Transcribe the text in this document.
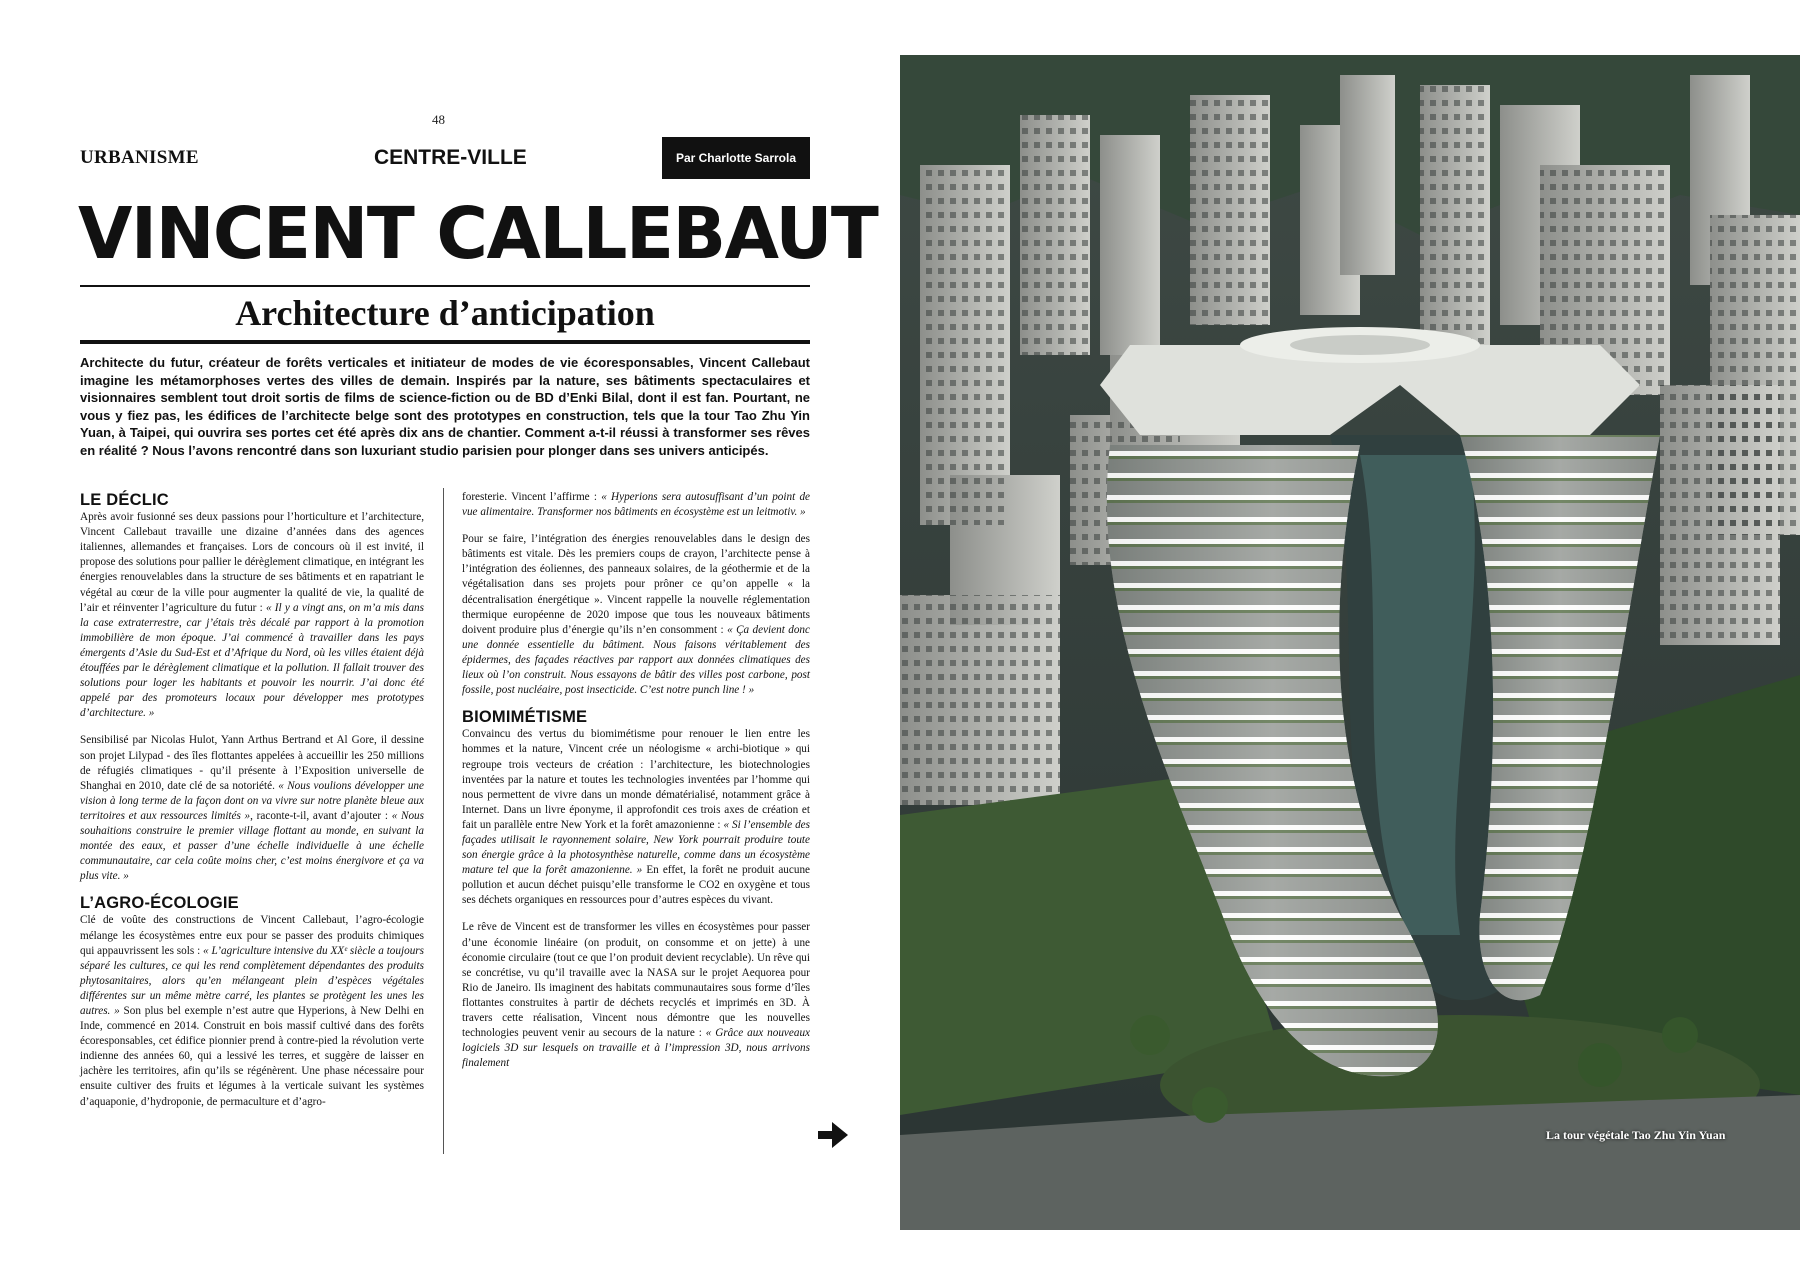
48
URBANISME	CENTRE-VILLE	Par Charlotte Sarrola
VINCENT CALLEBAUT
Architecture d’anticipation
Architecte du futur, créateur de forêts verticales et initiateur de modes de vie écoresponsables, Vincent Callebaut imagine les métamorphoses vertes des villes de demain. Inspirés par la nature, ses bâtiments spectaculaires et visionnaires semblent tout droit sortis de films de science-fiction ou de BD d’Enki Bilal, dont il est fan. Pourtant, ne vous y fiez pas, les édifices de l’architecte belge sont des prototypes en construction, tels que la tour Tao Zhu Yin Yuan, à Taipei, qui ouvrira ses portes cet été après dix ans de chantier. Comment a-t-il réussi à transformer ses rêves en réalité ? Nous l’avons rencontré dans son luxuriant studio parisien pour plonger dans ses univers anticipés.
LE DÉCLIC

Après avoir fusionné ses deux passions pour l’horticulture et l’architecture, Vincent Callebaut travaille une dizaine d’années dans des agences italiennes, allemandes et françaises. Lors de concours où il est invité, il propose des solutions pour pallier le dérèglement climatique, en intégrant les énergies renouvelables dans la structure de ses bâtiments et en rapatriant le végétal au cœur de la ville pour augmenter la qualité de vie, la qualité de l’air et réinventer l’agriculture du futur : « Il y a vingt ans, on m’a mis dans la case extraterrestre, car j’étais très décalé par rapport à la promotion immobilière de mon époque. J’ai commencé à travailler dans les pays émergents d’Asie du Sud-Est et d’Afrique du Nord, où les villes étaient déjà étouffées par le dérèglement climatique et la pollution. Il fallait trouver des solutions pour loger les habitants et pouvoir les nourrir. J’ai donc été appelé par des promoteurs locaux pour développer mes prototypes d’architecture. »

Sensibilisé par Nicolas Hulot, Yann Arthus Bertrand et Al Gore, il dessine son projet Lilypad - des îles flottantes appelées à accueillir les 250 millions de réfugiés climatiques - qu’il présente à l’Exposition universelle de Shanghai en 2010, date clé de sa notoriété. « Nous voulions développer une vision à long terme de la façon dont on va vivre sur notre planète bleue aux territoires et aux ressources limités », raconte-t-il, avant d’ajouter : « Nous souhaitions construire le premier village flottant au monde, en suivant la montée des eaux, et passer d’une échelle individuelle à une échelle communautaire, car cela coûte moins cher, c’est moins énergivore et ça va plus vite. »

L’AGRO-ÉCOLOGIE

Clé de voûte des constructions de Vincent Callebaut, l’agro-écologie mélange les écosystèmes entre eux pour se passer des produits chimiques qui appauvrissent les sols : « L’agriculture intensive du XXᵉ siècle a toujours séparé les cultures, ce qui les rend complètement dépendantes des produits phytosanitaires, alors qu’en mélangeant plein d’espèces végétales différentes sur un même mètre carré, les plantes se protègent les unes les autres. » Son plus bel exemple n’est autre que Hyperions, à New Delhi en Inde, commencé en 2014. Construit en bois massif cultivé dans des forêts écoresponsables, cet édifice pionnier prend à contre-pied la révolution verte indienne des années 60, qui a lessivé les terres, et suggère de laisser en jachère les territoires, afin qu’ils se régénèrent. Une phase nécessaire pour ensuite cultiver des fruits et légumes à la verticale suivant les systèmes d’aquaponie, d’hydroponie, de permaculture et d’agro-

foresterie. Vincent l’affirme : « Hyperions sera autosuffisant d’un point de vue alimentaire. Transformer nos bâtiments en écosystème est un leitmotiv. »

Pour se faire, l’intégration des énergies renouvelables dans le design des bâtiments est vitale. Dès les premiers coups de crayon, l’architecte pense à l’intégration des éoliennes, des panneaux solaires, de la géothermie et de la végétalisation dans ses projets pour prôner ce qu’on appelle « la décentralisation énergétique ». Vincent rappelle la nouvelle réglementation thermique européenne de 2020 impose que tous les nouveaux bâtiments doivent produire plus d’énergie qu’ils n’en consomment : « Ça devient donc une donnée essentielle du bâtiment. Nous faisons véritablement des épidermes, des façades réactives par rapport aux données climatiques des lieux où l’on construit. Nous essayons de bâtir des villes post carbone, post fossile, post nucléaire, post insecticide. C’est notre punch line ! »

BIOMIMÉTISME

Convaincu des vertus du biomimétisme pour renouer le lien entre les hommes et la nature, Vincent crée un néologisme « archi-biotique » qui regroupe trois vecteurs de création : l’architecture, les biotechnologies inventées par la nature et toutes les technologies inventées par l’homme qui nous permettent de vivre dans un monde dématérialisé, notamment grâce à Internet. Dans un livre éponyme, il approfondit ces trois axes de création et fait un parallèle entre New York et la forêt amazonienne : « Si l’ensemble des façades utilisait le rayonnement solaire, New York pourrait produire toute son énergie grâce à la photosynthèse naturelle, comme dans un écosystème mature tel que la forêt amazonienne. » En effet, la forêt ne produit aucune pollution et aucun déchet puisqu’elle transforme le CO2 en oxygène et tous ses déchets organiques en ressources pour d’autres espèces du vivant.

Le rêve de Vincent est de transformer les villes en écosystèmes pour passer d’une économie linéaire (on produit, on consomme et on jette) à une économie circulaire (tout ce que l’on produit devient recyclable). Un rêve qui se concrétise, vu qu’il travaille avec la NASA sur le projet Aequorea pour Rio de Janeiro. Ils imaginent des habitats communautaires sous forme d’îles flottantes construites à partir de déchets recyclés et imprimés en 3D. À travers cette réalisation, Vincent nous démontre que les nouvelles technologies peuvent venir au secours de la nature : « Grâce aux nouveaux logiciels 3D sur lesquels on travaille et à l’impression 3D, nous arrivons finalement

La tour végétale Tao Zhu Yin Yuan
